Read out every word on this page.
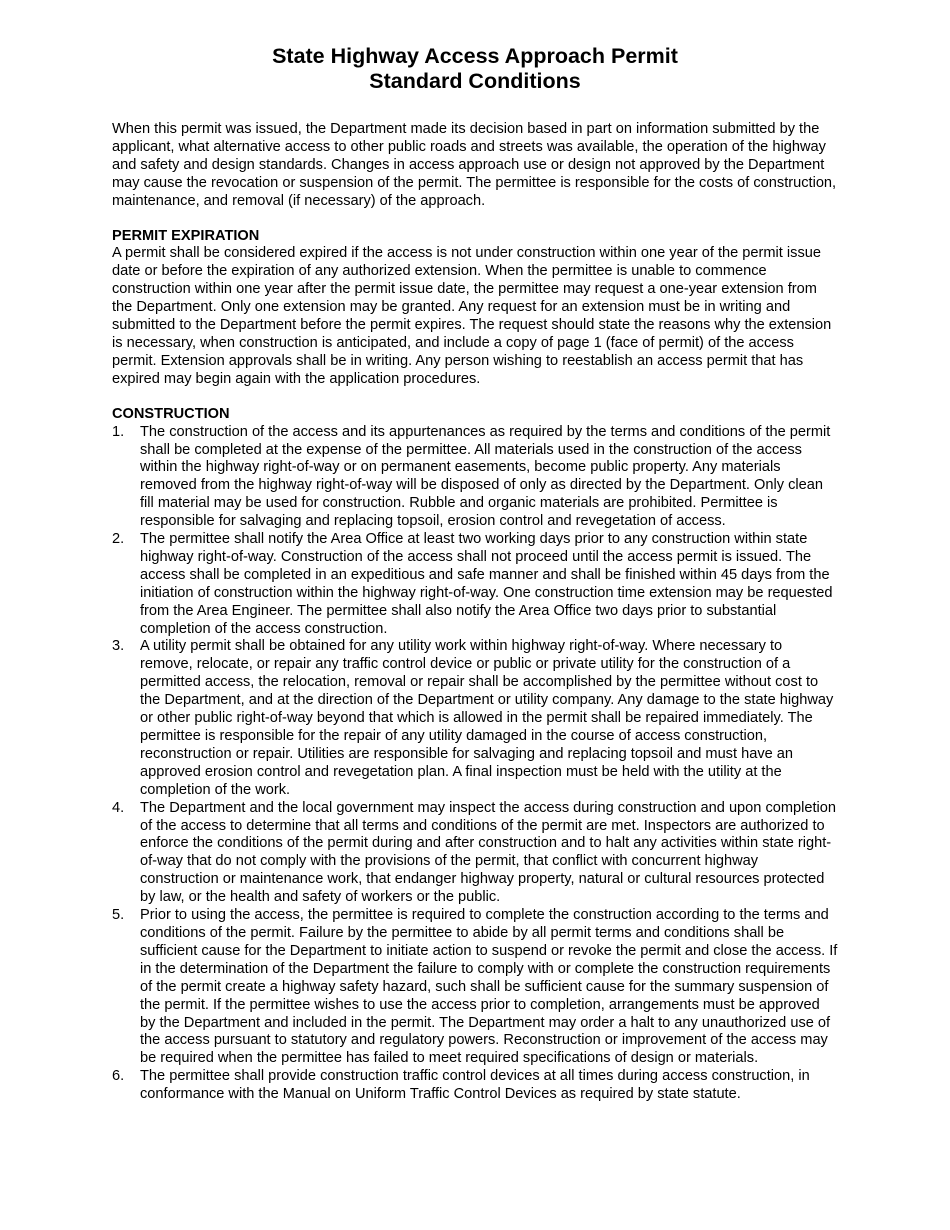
State Highway Access Approach Permit
Standard Conditions

When this permit was issued, the Department made its decision based in part on information submitted by the applicant, what alternative access to other public roads and streets was available, the operation of the highway and safety and design standards. Changes in access approach use or design not approved by the Department may cause the revocation or suspension of the permit. The permittee is responsible for the costs of construction, maintenance, and removal (if necessary) of the approach.

PERMIT EXPIRATION

A permit shall be considered expired if the access is not under construction within one year of the permit issue date or before the expiration of any authorized extension. When the permittee is unable to commence construction within one year after the permit issue date, the permittee may request a one-year extension from the Department. Only one extension may be granted. Any request for an extension must be in writing and submitted to the Department before the permit expires. The request should state the reasons why the extension is necessary, when construction is anticipated, and include a copy of page 1 (face of permit) of the access permit. Extension approvals shall be in writing. Any person wishing to reestablish an access permit that has expired may begin again with the application procedures.

CONSTRUCTION
1. The construction of the access and its appurtenances as required by the terms and conditions of the permit shall be completed at the expense of the permittee. All materials used in the construction of the access within the highway right-of-way or on permanent easements, become public property. Any materials removed from the highway right-of-way will be disposed of only as directed by the Department. Only clean fill material may be used for construction. Rubble and organic materials are prohibited. Permittee is responsible for salvaging and replacing topsoil, erosion control and revegetation of access.
2. The permittee shall notify the Area Office at least two working days prior to any construction within state highway right-of-way. Construction of the access shall not proceed until the access permit is issued. The access shall be completed in an expeditious and safe manner and shall be finished within 45 days from the initiation of construction within the highway right-of-way. One construction time extension may be requested from the Area Engineer. The permittee shall also notify the Area Office two days prior to substantial completion of the access construction.
3. A utility permit shall be obtained for any utility work within highway right-of-way. Where necessary to remove, relocate, or repair any traffic control device or public or private utility for the construction of a permitted access, the relocation, removal or repair shall be accomplished by the permittee without cost to the Department, and at the direction of the Department or utility company. Any damage to the state highway or other public right-of-way beyond that which is allowed in the permit shall be repaired immediately. The permittee is responsible for the repair of any utility damaged in the course of access construction, reconstruction or repair. Utilities are responsible for salvaging and replacing topsoil and must have an approved erosion control and revegetation plan. A final inspection must be held with the utility at the completion of the work.
4. The Department and the local government may inspect the access during construction and upon completion of the access to determine that all terms and conditions of the permit are met. Inspectors are authorized to enforce the conditions of the permit during and after construction and to halt any activities within state right-of-way that do not comply with the provisions of the permit, that conflict with concurrent highway construction or maintenance work, that endanger highway property, natural or cultural resources protected by law, or the health and safety of workers or the public.
5. Prior to using the access, the permittee is required to complete the construction according to the terms and conditions of the permit. Failure by the permittee to abide by all permit terms and conditions shall be sufficient cause for the Department to initiate action to suspend or revoke the permit and close the access. If in the determination of the Department the failure to comply with or complete the construction requirements of the permit create a highway safety hazard, such shall be sufficient cause for the summary suspension of the permit. If the permittee wishes to use the access prior to completion, arrangements must be approved by the Department and included in the permit. The Department may order a halt to any unauthorized use of the access pursuant to statutory and regulatory powers. Reconstruction or improvement of the access may be required when the permittee has failed to meet required specifications of design or materials.
6. The permittee shall provide construction traffic control devices at all times during access construction, in conformance with the Manual on Uniform Traffic Control Devices as required by state statute.
